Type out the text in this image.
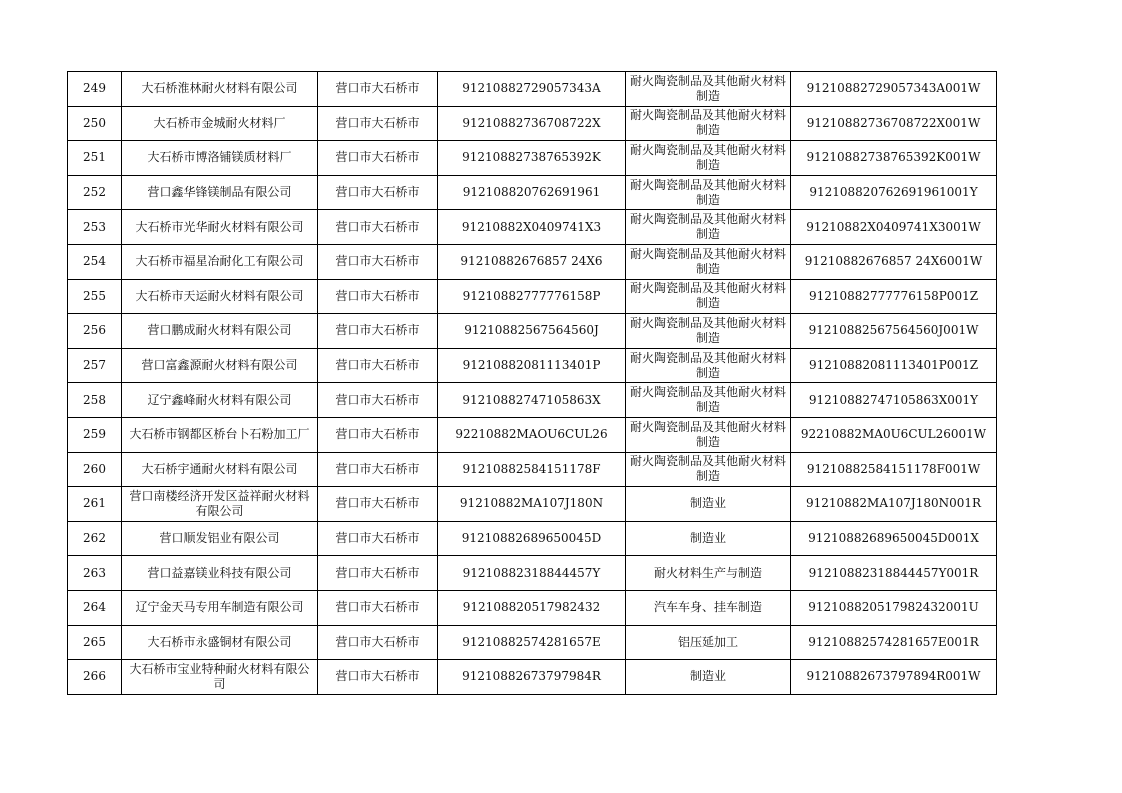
249	大石桥淮林耐火材料有限公司	营口市大石桥市	91210882729057343A	耐火陶瓷制品及其他耐火材料制造	91210882729057343A001W
250	大石桥市金城耐火材料厂	营口市大石桥市	91210882736708722X	耐火陶瓷制品及其他耐火材料制造	91210882736708722X001W
251	大石桥市博洛铺镁质材料厂	营口市大石桥市	91210882738765392K	耐火陶瓷制品及其他耐火材料制造	91210882738765392K001W
252	营口鑫华锋镁制品有限公司	营口市大石桥市	912108820762691961	耐火陶瓷制品及其他耐火材料制造	912108820762691961001Y
253	大石桥市光华耐火材料有限公司	营口市大石桥市	91210882X0409741X3	耐火陶瓷制品及其他耐火材料制造	91210882X0409741X3001W
254	大石桥市福星冶耐化工有限公司	营口市大石桥市	91210882676857 24X6	耐火陶瓷制品及其他耐火材料制造	91210882676857 24X6001W
255	大石桥市天运耐火材料有限公司	营口市大石桥市	91210882777776158P	耐火陶瓷制品及其他耐火材料制造	91210882777776158P001Z
256	营口鹏成耐火材料有限公司	营口市大石桥市	91210882567564560J	耐火陶瓷制品及其他耐火材料制造	91210882567564560J001W
257	营口富鑫源耐火材料有限公司	营口市大石桥市	91210882081113401P	耐火陶瓷制品及其他耐火材料制造	91210882081113401P001Z
258	辽宁鑫峰耐火材料有限公司	营口市大石桥市	91210882747105863X	耐火陶瓷制品及其他耐火材料制造	91210882747105863X001Y
259	大石桥市钢都区桥台卜石粉加工厂	营口市大石桥市	92210882MAOU6CUL26	耐火陶瓷制品及其他耐火材料制造	92210882MA0U6CUL26001W
260	大石桥宇通耐火材料有限公司	营口市大石桥市	91210882584151178F	耐火陶瓷制品及其他耐火材料制造	91210882584151178F001W
261	营口南楼经济开发区益祥耐火材料有限公司	营口市大石桥市	91210882MA107J180N	制造业	91210882MA107J180N001R
262	营口顺发铝业有限公司	营口市大石桥市	91210882689650045D	制造业	91210882689650045D001X
263	营口益嘉镁业科技有限公司	营口市大石桥市	91210882318844457Y	耐火材料生产与制造	91210882318844457Y001R
264	辽宁金天马专用车制造有限公司	营口市大石桥市	912108820517982432	汽车车身、挂车制造	912108820517982432001U
265	大石桥市永盛铜材有限公司	营口市大石桥市	91210882574281657E	铝压延加工	91210882574281657E001R
266	大石桥市宝业特种耐火材料有限公司	营口市大石桥市	91210882673797984R	制造业	91210882673797894R001W
